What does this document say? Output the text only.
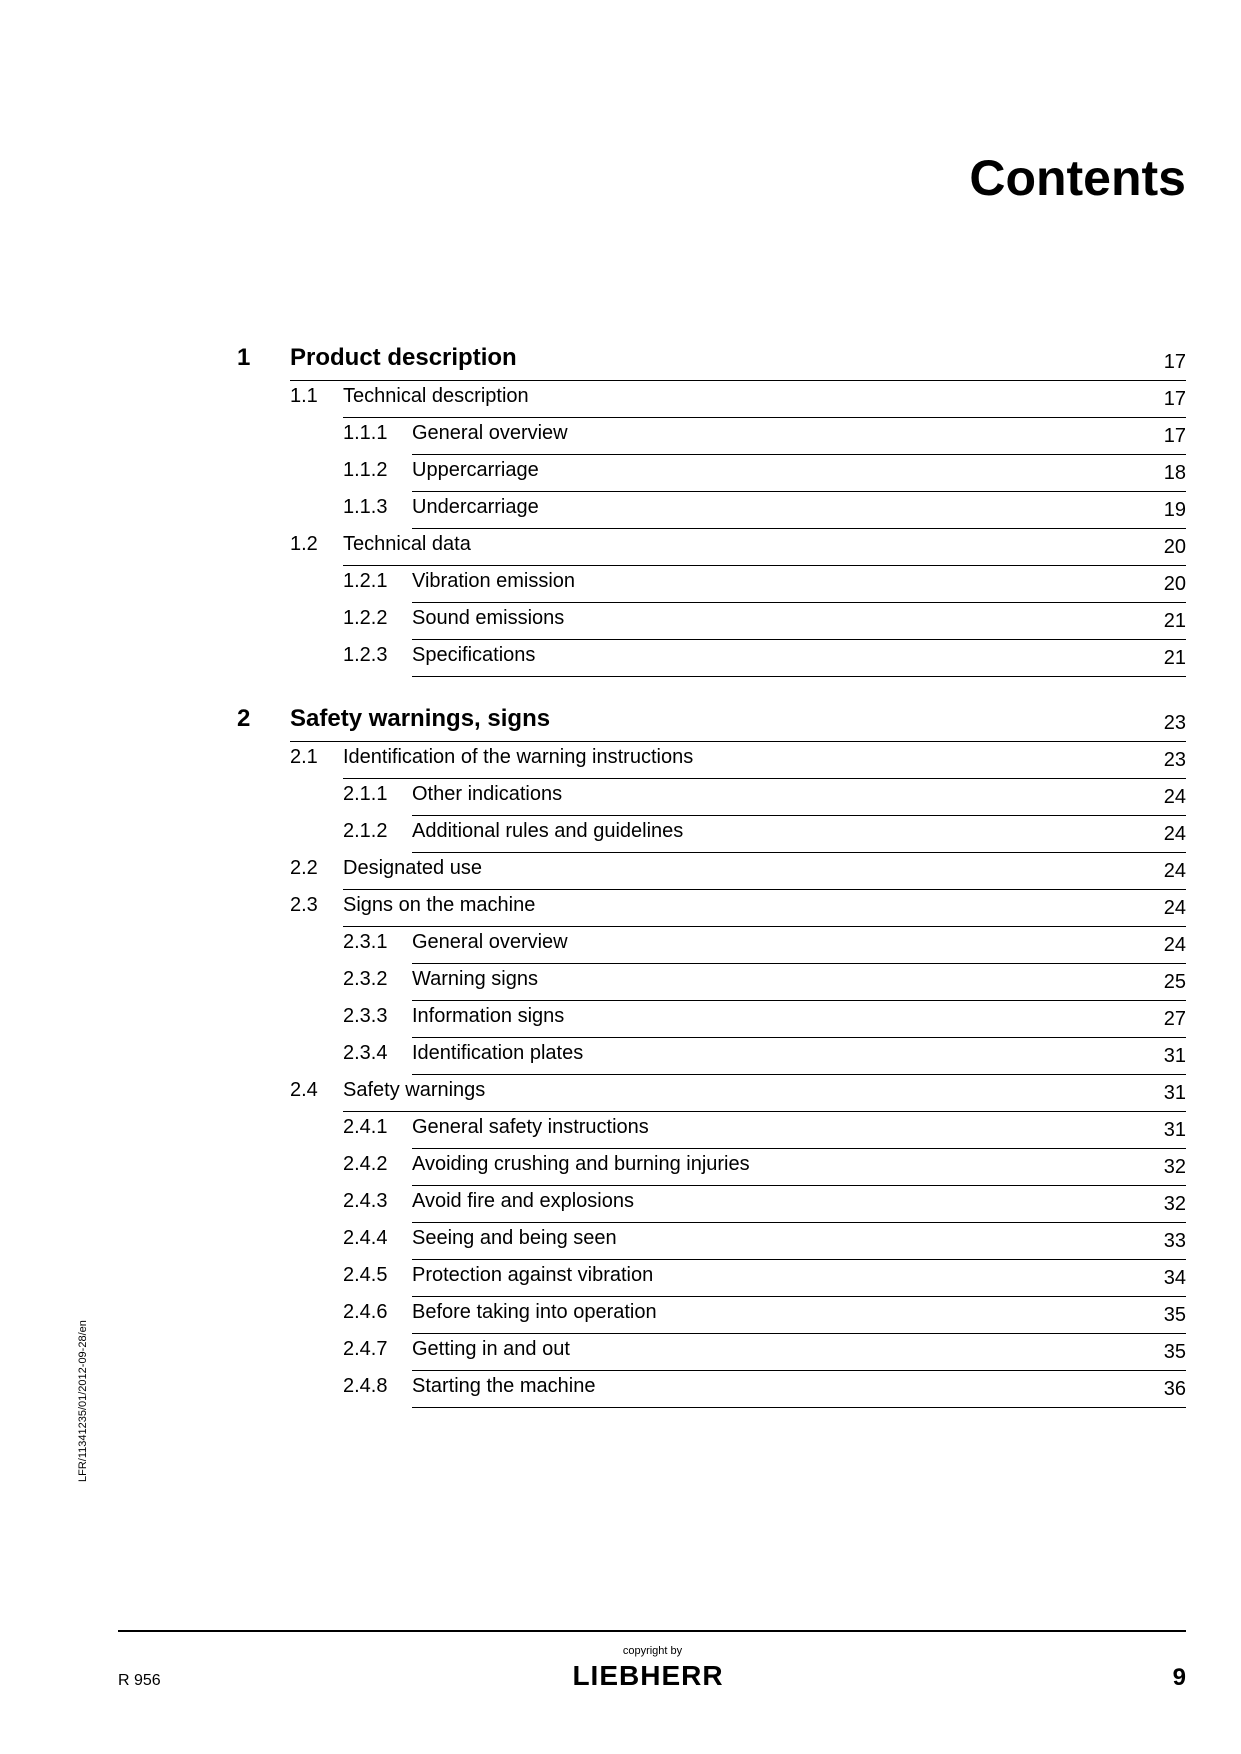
Contents
1 Product description	17
1.1 Technical description	17
1.1.1 General overview	17
1.1.2 Uppercarriage	18
1.1.3 Undercarriage	19
1.2 Technical data	20
1.2.1 Vibration emission	20
1.2.2 Sound emissions	21
1.2.3 Specifications	21
2 Safety warnings, signs	23
2.1 Identification of the warning instructions	23
2.1.1 Other indications	24
2.1.2 Additional rules and guidelines	24
2.2 Designated use	24
2.3 Signs on the machine	24
2.3.1 General overview	24
2.3.2 Warning signs	25
2.3.3 Information signs	27
2.3.4 Identification plates	31
2.4 Safety warnings	31
2.4.1 General safety instructions	31
2.4.2 Avoiding crushing and burning injuries	32
2.4.3 Avoid fire and explosions	32
2.4.4 Seeing and being seen	33
2.4.5 Protection against vibration	34
2.4.6 Before taking into operation	35
2.4.7 Getting in and out	35
2.4.8 Starting the machine	36
LFR/11341235/01/2012-09-28/en
R 956
copyright by
LIEBHERR	9
